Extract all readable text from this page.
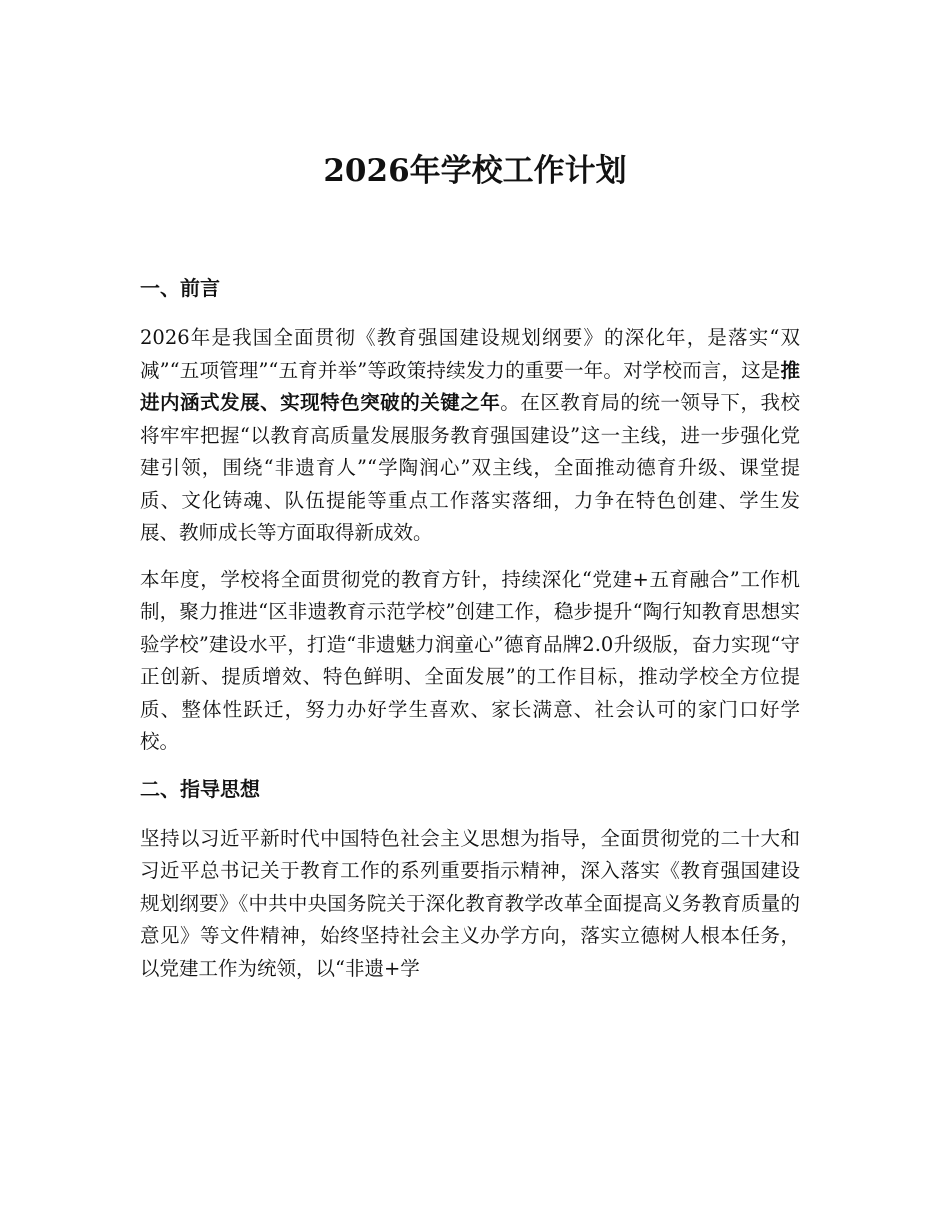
2026年学校工作计划
一、前言

2026年是我国全面贯彻《教育强国建设规划纲要》的深化年，是落实“双减”“五项管理”“五育并举”等政策持续发力的重要一年。对学校而言，这是推进内涵式发展、实现特色突破的关键之年。在区教育局的统一领导下，我校将牢牢把握“以教育高质量发展服务教育强国建设”这一主线，进一步强化党建引领，围绕“非遗育人”“学陶润心”双主线，全面推动德育升级、课堂提质、文化铸魂、队伍提能等重点工作落实落细，力争在特色创建、学生发展、教师成长等方面取得新成效。

本年度，学校将全面贯彻党的教育方针，持续深化“党建+五育融合”工作机制，聚力推进“区非遗教育示范学校”创建工作，稳步提升“陶行知教育思想实验学校”建设水平，打造“非遗魅力润童心”德育品牌2.0升级版，奋力实现“守正创新、提质增效、特色鲜明、全面发展”的工作目标，推动学校全方位提质、整体性跃迁，努力办好学生喜欢、家长满意、社会认可的家门口好学校。

二、指导思想

坚持以习近平新时代中国特色社会主义思想为指导，全面贯彻党的二十大和习近平总书记关于教育工作的系列重要指示精神，深入落实《教育强国建设规划纲要》《中共中央国务院关于深化教育教学改革全面提高义务教育质量的意见》等文件精神，始终坚持社会主义办学方向，落实立德树人根本任务，以党建工作为统领，以“非遗+学
